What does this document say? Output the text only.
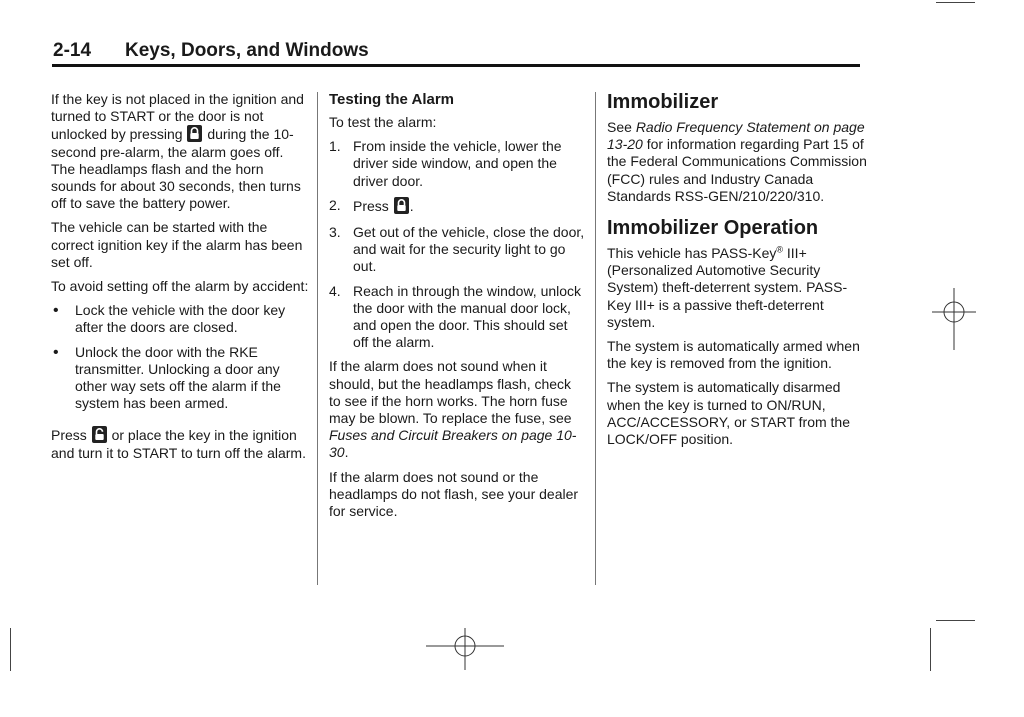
2-14 Keys, Doors, and Windows

If the key is not placed in the ignition and turned to START or the door is not unlocked by pressing during the 10-second pre-alarm, the alarm goes off. The headlamps flash and the horn sounds for about 30 seconds, then turns off to save the battery power.

The vehicle can be started with the correct ignition key if the alarm has been set off.

To avoid setting off the alarm by accident:

• Lock the vehicle with the door key after the doors are closed.
• Unlock the door with the RKE transmitter. Unlocking a door any other way sets off the alarm if the system has been armed.

Press or place the key in the ignition and turn it to START to turn off the alarm.

Testing the Alarm

To test the alarm:

1. From inside the vehicle, lower the driver side window, and open the driver door.
2. Press .
3. Get out of the vehicle, close the door, and wait for the security light to go out.
4. Reach in through the window, unlock the door with the manual door lock, and open the door. This should set off the alarm.

If the alarm does not sound when it should, but the headlamps flash, check to see if the horn works. The horn fuse may be blown. To replace the fuse, see Fuses and Circuit Breakers on page 10-30.

If the alarm does not sound or the headlamps do not flash, see your dealer for service.

Immobilizer

See Radio Frequency Statement on page 13-20 for information regarding Part 15 of the Federal Communications Commission (FCC) rules and Industry Canada Standards RSS-GEN/210/220/310.

Immobilizer Operation

This vehicle has PASS-Key® III+ (Personalized Automotive Security System) theft-deterrent system. PASS-Key III+ is a passive theft-deterrent system.

The system is automatically armed when the key is removed from the ignition.

The system is automatically disarmed when the key is turned to ON/RUN, ACC/ACCESSORY, or START from the LOCK/OFF position.
